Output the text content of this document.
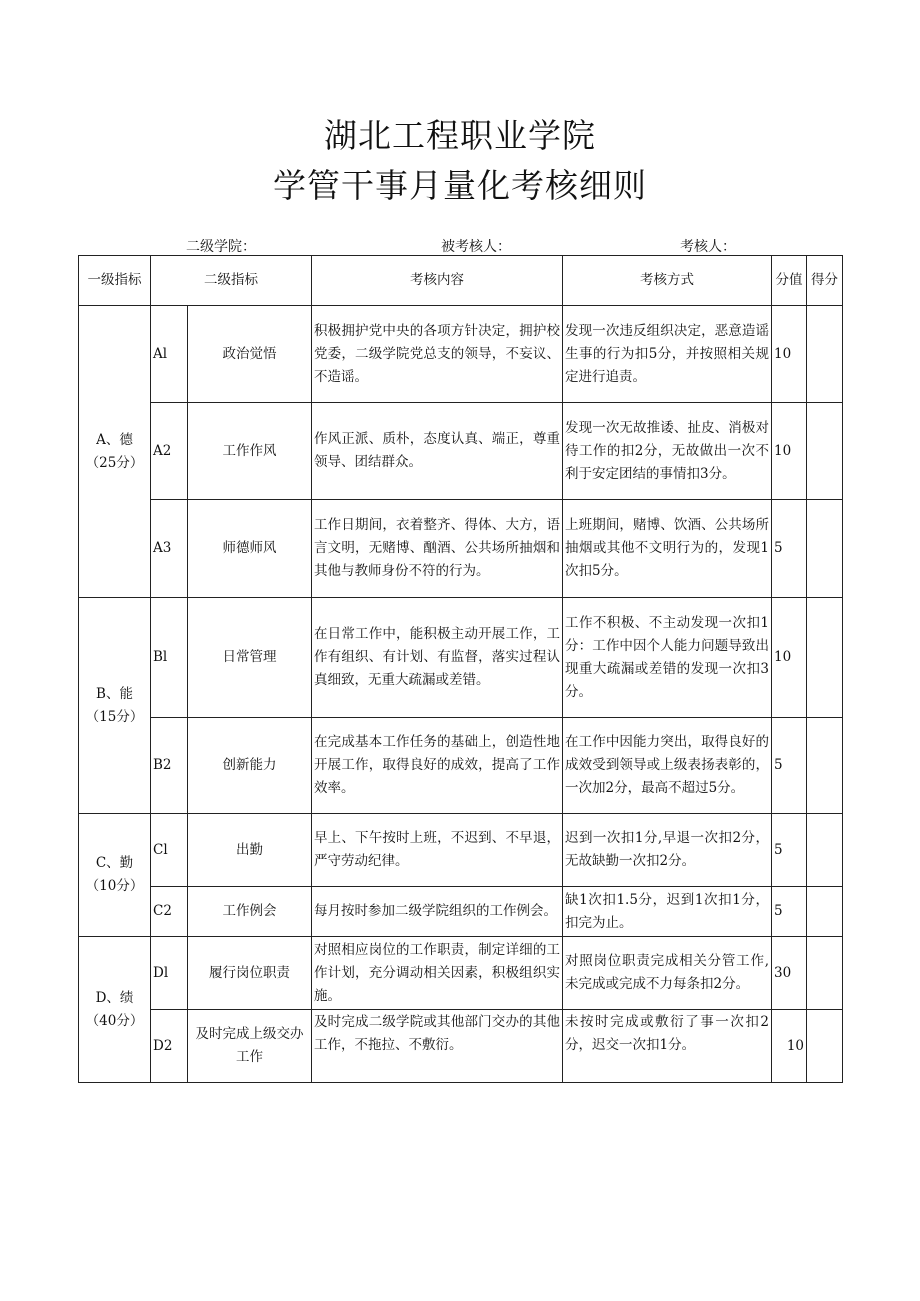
湖北工程职业学院
学管干事月量化考核细则
二级学院：	被考核人：	考核人：
一级指标	二级指标		考核内容	考核方式	分值	得分
A、德（25分）	Al	政治觉悟	积极拥护党中央的各项方针决定，拥护校党委，二级学院党总支的领导，不妄议、不造谣。	发现一次违反组织决定，恶意造谣生事的行为扣5分，并按照相关规定进行追责。	10	
	A2	工作作风	作风正派、质朴，态度认真、端正，尊重领导、团结群众。	发现一次无故推诿、扯皮、消极对待工作的扣2分，无故做出一次不利于安定团结的事情扣3分。	10	
	A3	师德师风	工作日期间，衣着整齐、得体、大方，语言文明，无赌博、酗酒、公共场所抽烟和其他与教师身份不符的行为。	上班期间，赌博、饮酒、公共场所抽烟或其他不文明行为的，发现1次扣5分。	5	
B、能（15分）	Bl	日常管理	在日常工作中，能积极主动开展工作，工作有组织、有计划、有监督，落实过程认真细致，无重大疏漏或差错。	工作不积极、不主动发现一次扣1分：工作中因个人能力问题导致出现重大疏漏或差错的发现一次扣3分。	10	
	B2	创新能力	在完成基本工作任务的基础上，创造性地开展工作，取得良好的成效，提高了工作效率。	在工作中因能力突出，取得良好的成效受到领导或上级表扬表彰的，一次加2分，最高不超过5分。	5	
C、勤（10分）	Cl	出勤	早上、下午按时上班，不迟到、不早退，严守劳动纪律。	迟到一次扣1分,早退一次扣2分，无故缺勤一次扣2分。	5	
	C2	工作例会	每月按时参加二级学院组织的工作例会。	缺1次扣1.5分，迟到1次扣1分，扣完为止。	5	
D、绩（40分）	Dl	履行岗位职责	对照相应岗位的工作职责，制定详细的工作计划，充分调动相关因素，积极组织实施。	对照岗位职责完成相关分管工作,未完成或完成不力每条扣2分。	30	
	D2	及时完成上级交办工作	及时完成二级学院或其他部门交办的其他工作，不拖拉、不敷衍。	未按时完成或敷衍了事一次扣2分，迟交一次扣1分。	10	
